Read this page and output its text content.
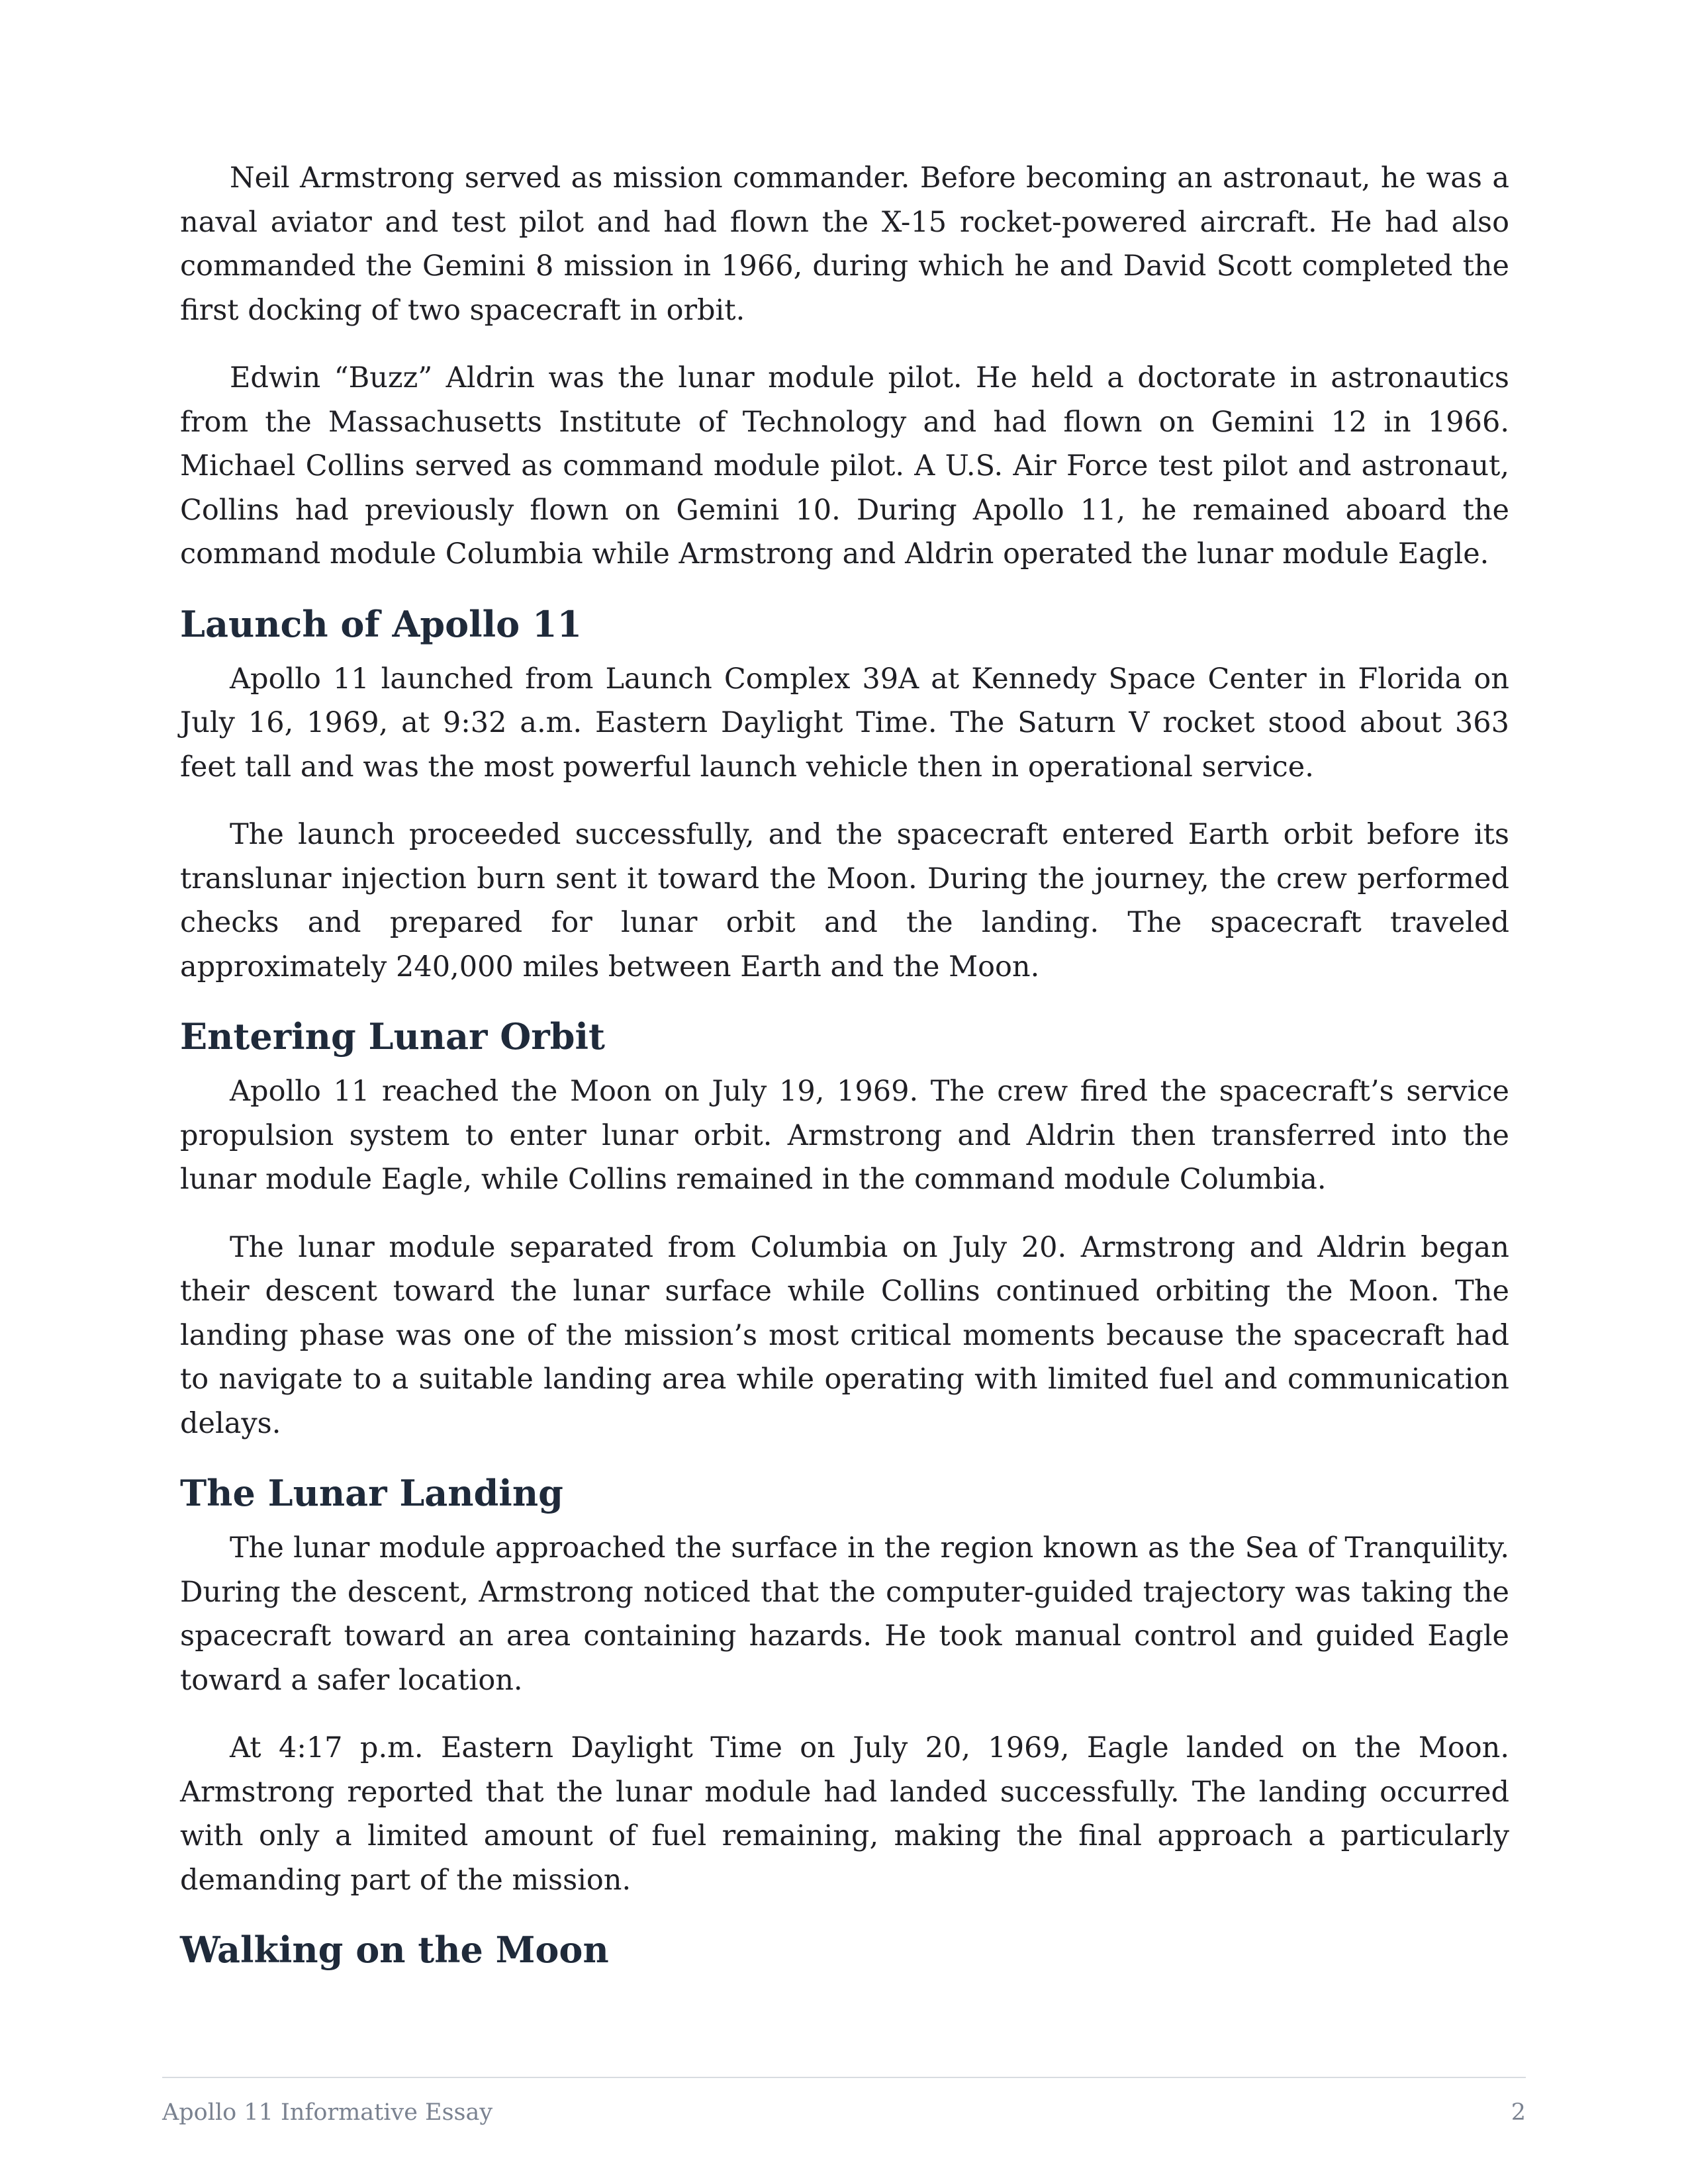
Neil Armstrong served as mission commander. Before becoming an astronaut, he was a naval aviator and test pilot and had flown the X-15 rocket-powered aircraft. He had also commanded the Gemini 8 mission in 1966, during which he and David Scott completed the first docking of two spacecraft in orbit.

Edwin “Buzz” Aldrin was the lunar module pilot. He held a doctorate in astronautics from the Massachusetts Institute of Technology and had flown on Gemini 12 in 1966. Michael Collins served as command module pilot. A U.S. Air Force test pilot and astronaut, Collins had previously flown on Gemini 10. During Apollo 11, he remained aboard the command module Columbia while Armstrong and Aldrin operated the lunar module Eagle.

Launch of Apollo 11

Apollo 11 launched from Launch Complex 39A at Kennedy Space Center in Florida on July 16, 1969, at 9:32 a.m. Eastern Daylight Time. The Saturn V rocket stood about 363 feet tall and was the most powerful launch vehicle then in operational service.

The launch proceeded successfully, and the spacecraft entered Earth orbit before its translunar injection burn sent it toward the Moon. During the journey, the crew performed checks and prepared for lunar orbit and the landing. The spacecraft traveled approximately 240,000 miles between Earth and the Moon.

Entering Lunar Orbit

Apollo 11 reached the Moon on July 19, 1969. The crew fired the spacecraft’s service propulsion system to enter lunar orbit. Armstrong and Aldrin then transferred into the lunar module Eagle, while Collins remained in the command module Columbia.

The lunar module separated from Columbia on July 20. Armstrong and Aldrin began their descent toward the lunar surface while Collins continued orbiting the Moon. The landing phase was one of the mission’s most critical moments because the spacecraft had to navigate to a suitable landing area while operating with limited fuel and communication delays.

The Lunar Landing

The lunar module approached the surface in the region known as the Sea of Tranquility. During the descent, Armstrong noticed that the computer-guided trajectory was taking the spacecraft toward an area containing hazards. He took manual control and guided Eagle toward a safer location.

At 4:17 p.m. Eastern Daylight Time on July 20, 1969, Eagle landed on the Moon. Armstrong reported that the lunar module had landed successfully. The landing occurred with only a limited amount of fuel remaining, making the final approach a particularly demanding part of the mission.

Walking on the Moon
Apollo 11 Informative Essay	2
